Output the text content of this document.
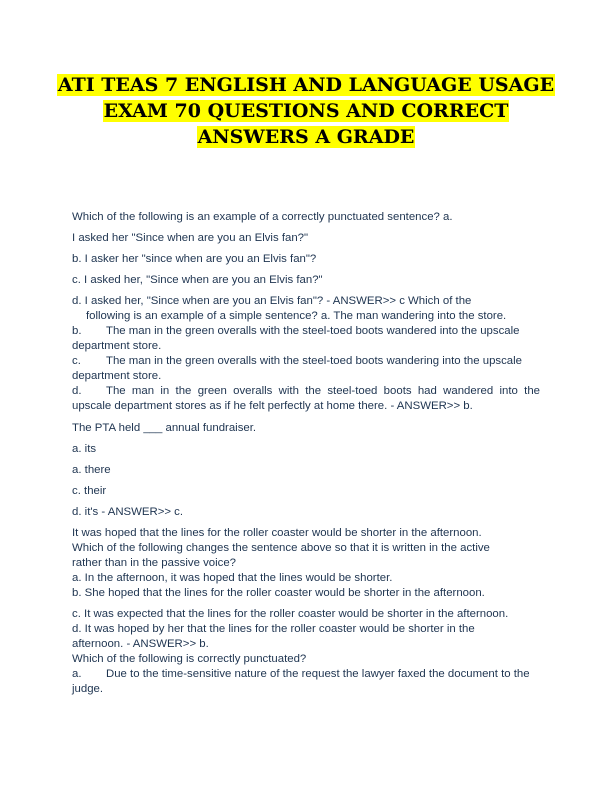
ATI TEAS 7 ENGLISH AND LANGUAGE USAGE
EXAM 70 QUESTIONS AND CORRECT
ANSWERS A GRADE

Which of the following is an example of a correctly punctuated sentence? a.

I asked her "Since when are you an Elvis fan?"

b. I asker her "since when are you an Elvis fan"?

c. I asked her, "Since when are you an Elvis fan?"

d. I asked her, "Since when are you an Elvis fan"? - ANSWER>> c Which of the

following is an example of a simple sentence? a. The man wandering into the store.

b. The man in the green overalls with the steel-toed boots wandered into the upscale department store.

c. The man in the green overalls with the steel-toed boots wandering into the upscale department store.

d. The man in the green overalls with the steel-toed boots had wandered into the upscale department stores as if he felt perfectly at home there. - ANSWER>> b.

The PTA held ___ annual fundraiser.

a. its

a. there

c. their

d. it's - ANSWER>> c.

It was hoped that the lines for the roller coaster would be shorter in the afternoon.

Which of the following changes the sentence above so that it is written in the active

rather than in the passive voice?

a. In the afternoon, it was hoped that the lines would be shorter.

b. She hoped that the lines for the roller coaster would be shorter in the afternoon.

c. It was expected that the lines for the roller coaster would be shorter in the afternoon.

d. It was hoped by her that the lines for the roller coaster would be shorter in the

afternoon. - ANSWER>> b.

Which of the following is correctly punctuated?

a. Due to the time-sensitive nature of the request the lawyer faxed the document to the judge.
